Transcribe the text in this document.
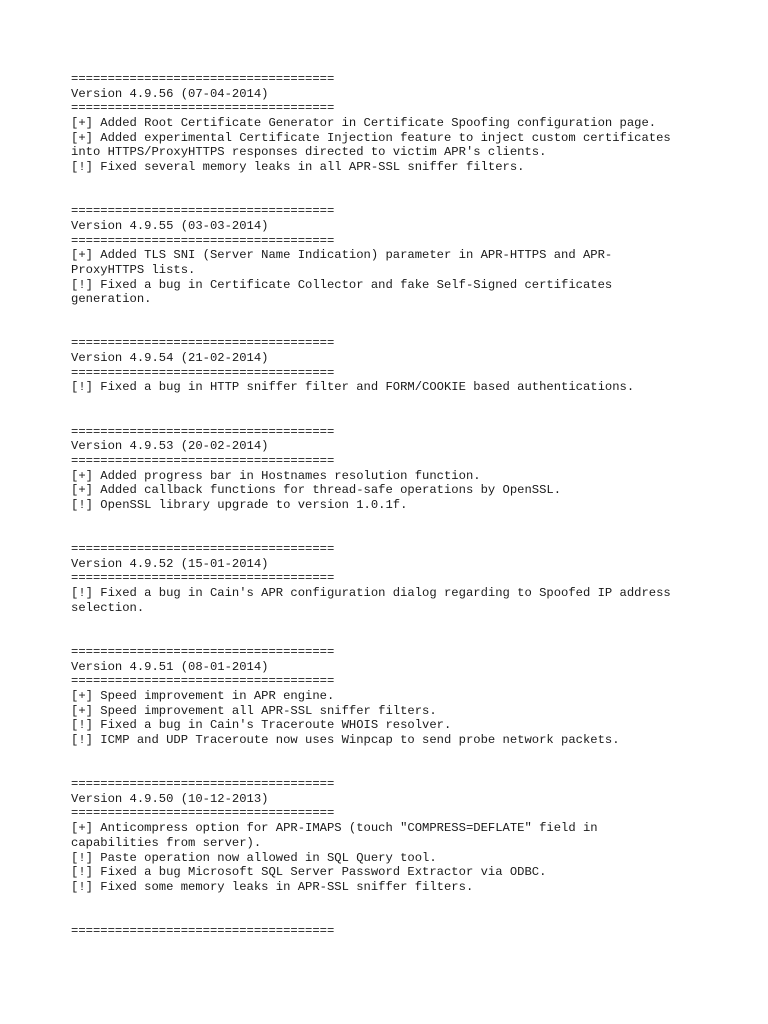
====================================
Version 4.9.56 (07-04-2014)
====================================
[+] Added Root Certificate Generator in Certificate Spoofing configuration page.
[+] Added experimental Certificate Injection feature to inject custom certificates
into HTTPS/ProxyHTTPS responses directed to victim APR's clients.
[!] Fixed several memory leaks in all APR-SSL sniffer filters.
====================================
Version 4.9.55 (03-03-2014)
====================================
[+] Added TLS SNI (Server Name Indication) parameter in APR-HTTPS and APR-
ProxyHTTPS lists.
[!] Fixed a bug in Certificate Collector and fake Self-Signed certificates
generation.
====================================
Version 4.9.54 (21-02-2014)
====================================
[!] Fixed a bug in HTTP sniffer filter and FORM/COOKIE based authentications.
====================================
Version 4.9.53 (20-02-2014)
====================================
[+] Added progress bar in Hostnames resolution function.
[+] Added callback functions for thread-safe operations by OpenSSL.
[!] OpenSSL library upgrade to version 1.0.1f.
====================================
Version 4.9.52 (15-01-2014)
====================================
[!] Fixed a bug in Cain's APR configuration dialog regarding to Spoofed IP address
selection.
====================================
Version 4.9.51 (08-01-2014)
====================================
[+] Speed improvement in APR engine.
[+] Speed improvement all APR-SSL sniffer filters.
[!] Fixed a bug in Cain's Traceroute WHOIS resolver.
[!] ICMP and UDP Traceroute now uses Winpcap to send probe network packets.
====================================
Version 4.9.50 (10-12-2013)
====================================
[+] Anticompress option for APR-IMAPS (touch "COMPRESS=DEFLATE" field in
capabilities from server).
[!] Paste operation now allowed in SQL Query tool.
[!] Fixed a bug Microsoft SQL Server Password Extractor via ODBC.
[!] Fixed some memory leaks in APR-SSL sniffer filters.
====================================
